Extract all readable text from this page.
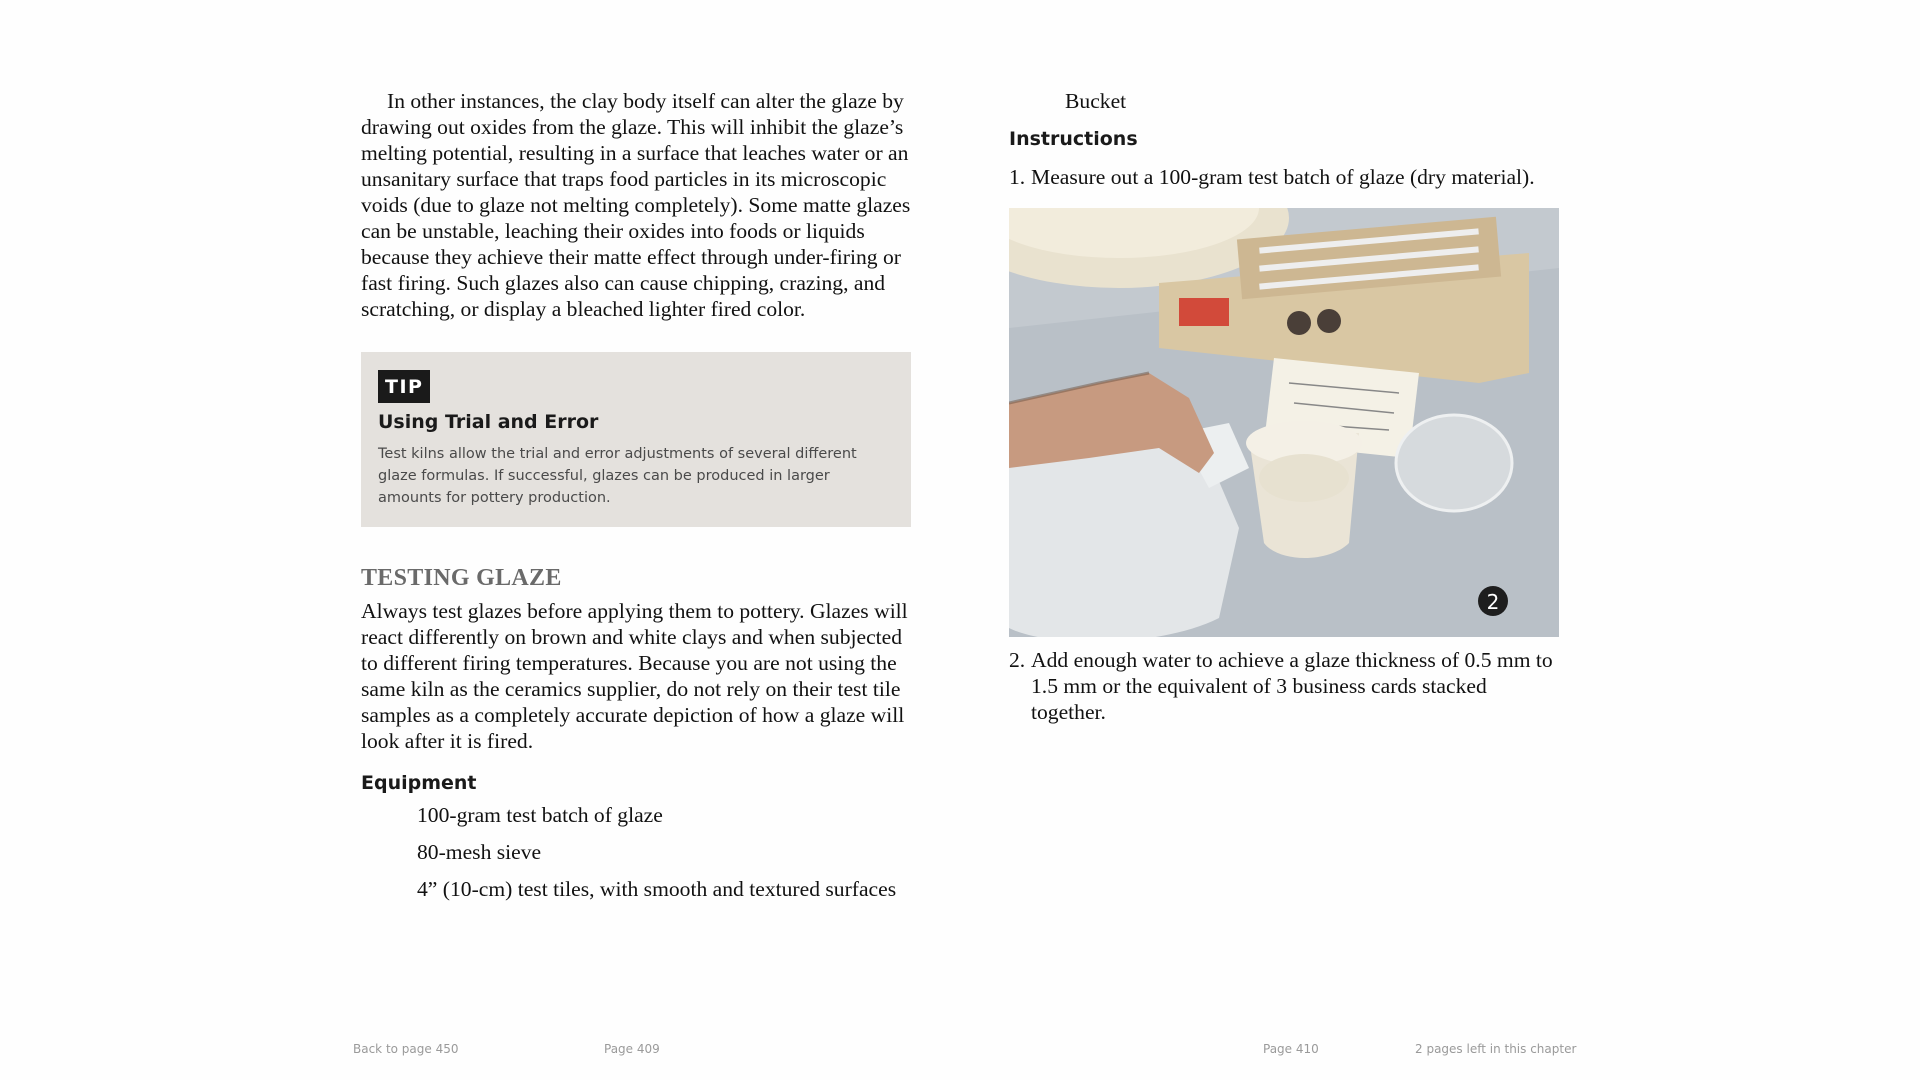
In other instances, the clay body itself can alter the glaze by drawing out oxides from the glaze. This will inhibit the glaze’s melting potential, resulting in a surface that leaches water or an unsanitary surface that traps food particles in its microscopic voids (due to glaze not melting completely). Some matte glazes can be unstable, leaching their oxides into foods or liquids because they achieve their matte effect through under-firing or fast firing. Such glazes also can cause chipping, crazing, and scratching, or display a bleached lighter fired color.

TIP
Using Trial and Error

Test kilns allow the trial and error adjustments of several different glaze formulas. If successful, glazes can be produced in larger amounts for pottery production.

TESTING GLAZE

Always test glazes before applying them to pottery. Glazes will react differently on brown and white clays and when subjected to different firing temperatures. Because you are not using the same kiln as the ceramics supplier, do not rely on their test tile samples as a completely accurate depiction of how a glaze will look after it is fired.

Equipment
100-gram test batch of glaze
80-mesh sieve
4” (10-cm) test tiles, with smooth and textured surfaces

Bucket

Instructions

1. Measure out a 100-gram test batch of glaze (dry material).

2

2. Add enough water to achieve a glaze thickness of 0.5 mm to 1.5 mm or the equivalent of 3 business cards stacked together.

Back to page 450	Page 409	Page 410	2 pages left in this chapter
